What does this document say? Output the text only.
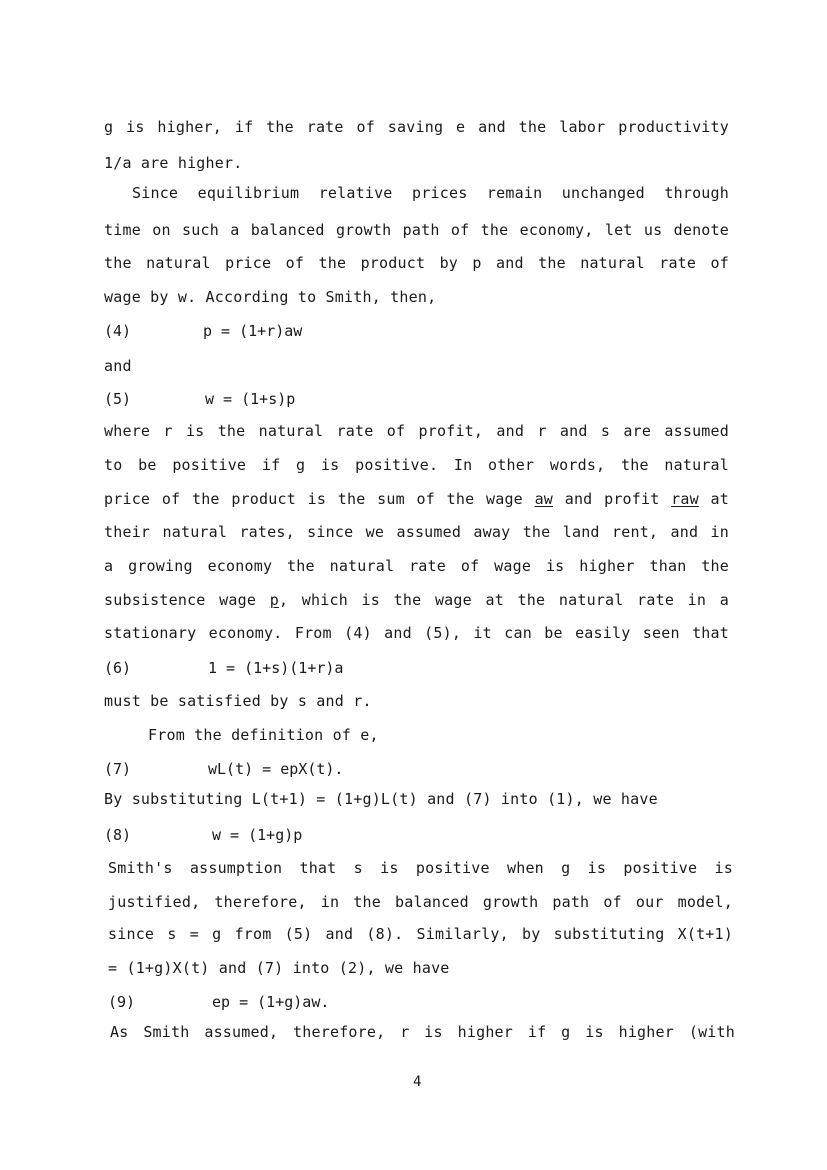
g is higher, if the rate of saving e and the labor productivity
1/a are higher.
Since equilibrium relative prices remain unchanged through
time on such a balanced growth path of the economy, let us denote
the natural price of the product by p and the natural rate of
wage by w. According to Smith, then,
(4)	p = (1+r)aw
and
(5)	w = (1+s)p
where r is the natural rate of profit, and r and s are assumed
to be positive if g is positive. In other words, the natural
price of the product is the sum of the wage aw and profit raw at
their natural rates, since we assumed away the land rent, and in
a growing economy the natural rate of wage is higher than the
subsistence wage p, which is the wage at the natural rate in a
stationary economy. From (4) and (5), it can be easily seen that
(6)	1 = (1+s)(1+r)a
must be satisfied by s and r.
From the definition of e,
(7)	wL(t) = epX(t).
By substituting L(t+1) = (1+g)L(t) and (7) into (1), we have
(8)	w = (1+g)p
Smith's assumption that s is positive when g is positive is
justified, therefore, in the balanced growth path of our model,
since s = g from (5) and (8). Similarly, by substituting X(t+1)
= (1+g)X(t) and (7) into (2), we have
(9)	ep = (1+g)aw.
As Smith assumed, therefore, r is higher if g is higher (with
4
